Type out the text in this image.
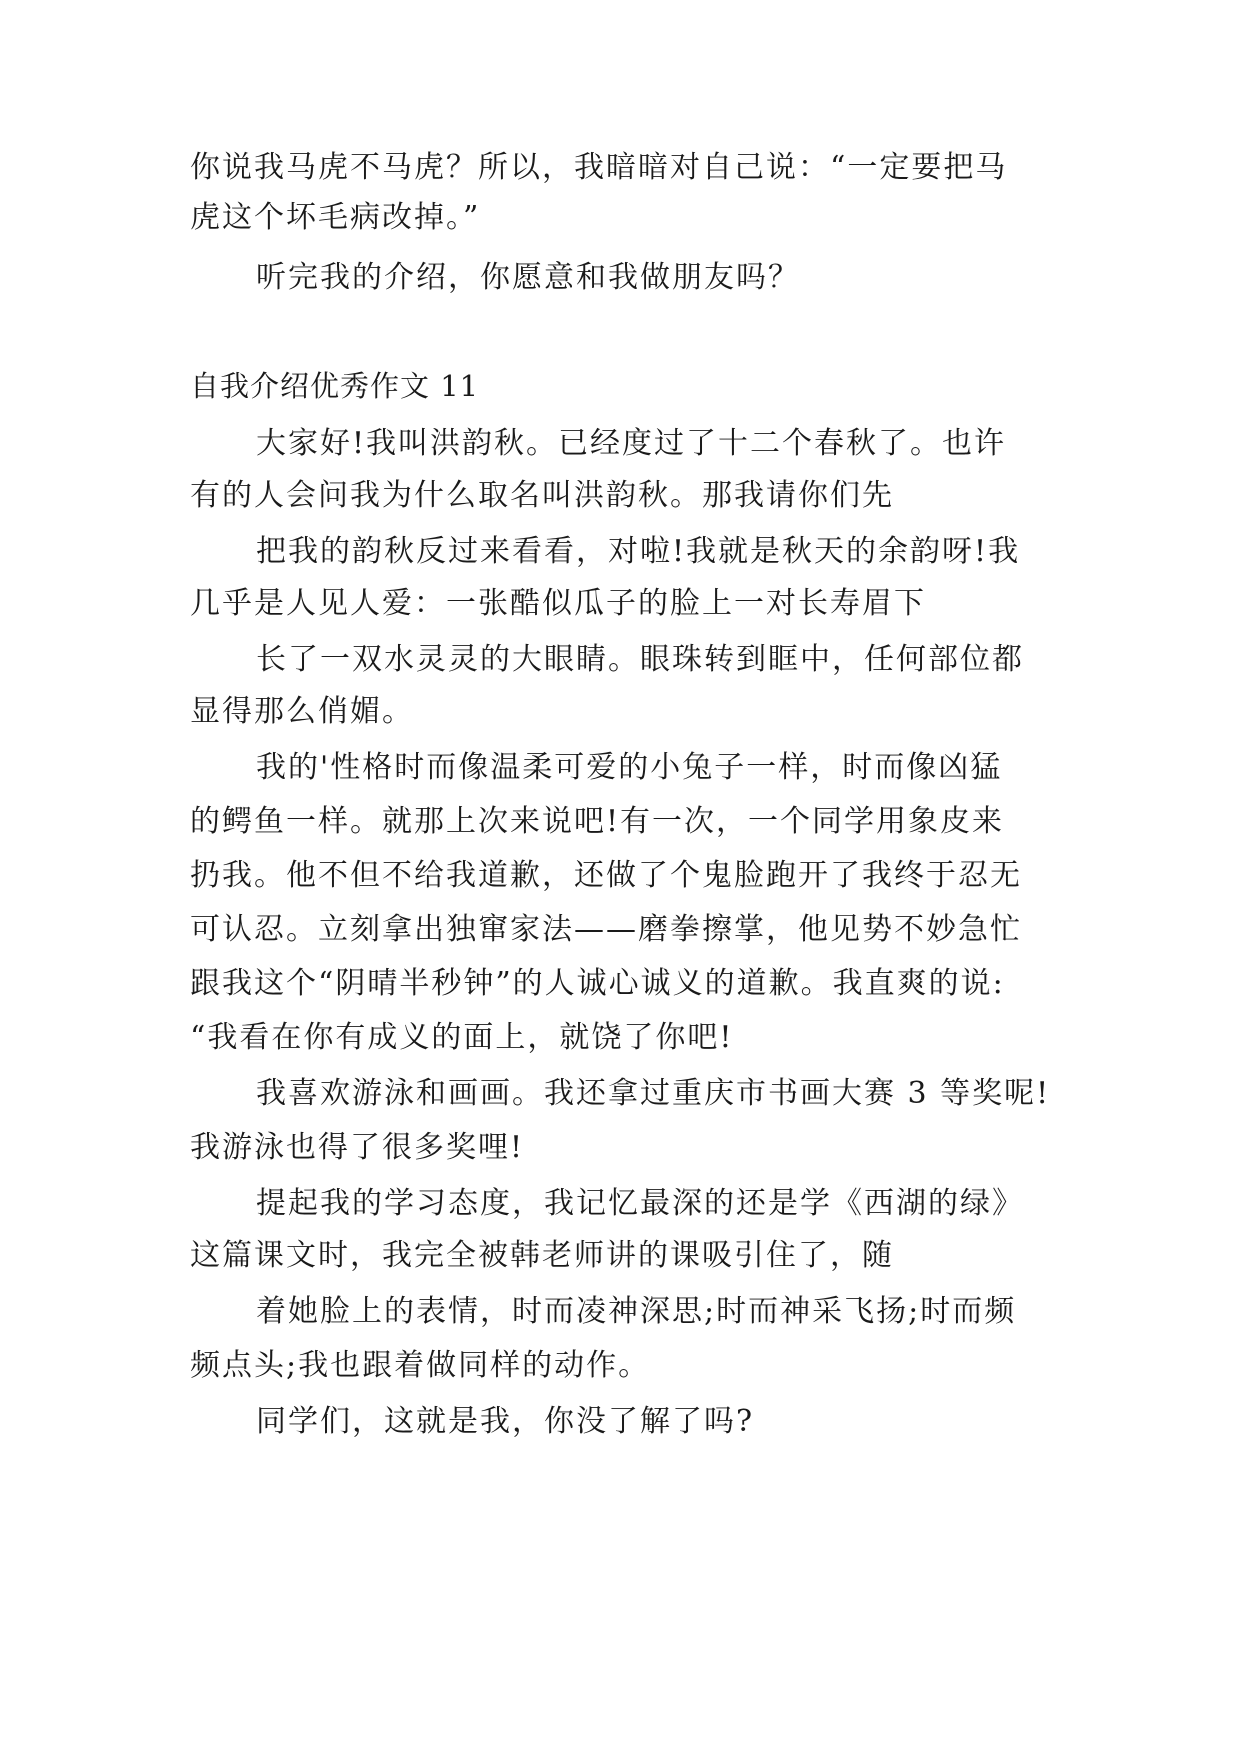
你说我马虎不马虎？所以，我暗暗对自己说：“一定要把马
虎这个坏毛病改掉。”
听完我的介绍，你愿意和我做朋友吗？
自我介绍优秀作文 11
大家好!我叫洪韵秋。已经度过了十二个春秋了。也许
有的人会问我为什么取名叫洪韵秋。那我请你们先
把我的韵秋反过来看看，对啦!我就是秋天的余韵呀!我
几乎是人见人爱：一张酷似瓜子的脸上一对长寿眉下
长了一双水灵灵的大眼睛。眼珠转到眶中，任何部位都
显得那么俏媚。
我的'性格时而像温柔可爱的小兔子一样，时而像凶猛
的鳄鱼一样。就那上次来说吧!有一次，一个同学用象皮来
扔我。他不但不给我道歉，还做了个鬼脸跑开了我终于忍无
可认忍。立刻拿出独窜家法——磨拳擦掌，他见势不妙急忙
跟我这个“阴晴半秒钟”的人诚心诚义的道歉。我直爽的说:
“我看在你有成义的面上，就饶了你吧!
我喜欢游泳和画画。我还拿过重庆市书画大赛 3 等奖呢!
我游泳也得了很多奖哩!
提起我的学习态度，我记忆最深的还是学《西湖的绿》
这篇课文时，我完全被韩老师讲的课吸引住了，随
着她脸上的表情，时而凌神深思;时而神采飞扬;时而频
频点头;我也跟着做同样的动作。
同学们，这就是我，你没了解了吗?
